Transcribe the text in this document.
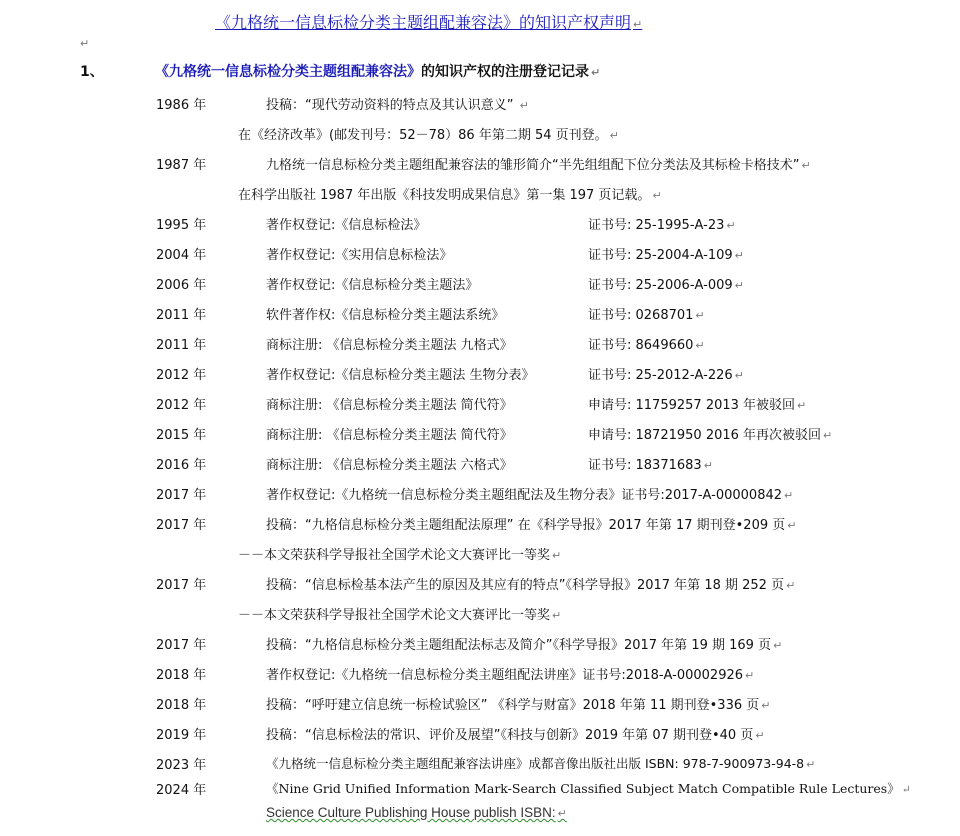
《九格统一信息标检分类主题组配兼容法》的知识产权声明 ↵
↵
1、	《九格统一信息标检分类主题组配兼容法》的知识产权的注册登记记录 ↵
1986 年	投稿：“现代劳动资料的特点及其认识意义” ↵
在《经济改革》(邮发刊号：52－78）86 年第二期 54 页刊登。 ↵
1987 年	九格统一信息标检分类主题组配兼容法的雏形简介“半先组组配下位分类法及其标检卡格技术” ↵
在科学出版社 1987 年出版《科技发明成果信息》第一集 197 页记载。 ↵
1995 年	著作权登记:《信息标检法》	证书号: 25-1995-A-23 ↵
2004 年	著作权登记:《实用信息标检法》	证书号: 25-2004-A-109 ↵
2006 年	著作权登记:《信息标检分类主题法》	证书号: 25-2006-A-009 ↵
2011 年	软件著作权:《信息标检分类主题法系统》	证书号: 0268701 ↵
2011 年	商标注册: 《信息标检分类主题法 九格式》	证书号: 8649660 ↵
2012 年	著作权登记:《信息标检分类主题法 生物分表》	证书号: 25-2012-A-226 ↵
2012 年	商标注册: 《信息标检分类主题法 简代符》	申请号: 11759257 2013 年被驳回 ↵
2015 年	商标注册: 《信息标检分类主题法 简代符》	申请号: 18721950 2016 年再次被驳回 ↵
2016 年	商标注册: 《信息标检分类主题法 六格式》	证书号: 18371683 ↵
2017 年	著作权登记:《九格统一信息标检分类主题组配法及生物分表》证书号:2017-A-00000842 ↵
2017 年	投稿：“九格信息标检分类主题组配法原理” 在《科学导报》2017 年第 17 期刊登•209 页 ↵
－－本文荣获科学导报社全国学术论文大赛评比一等奖 ↵
2017 年	投稿：“信息标检基本法产生的原因及其应有的特点”《科学导报》2017 年第 18 期 252 页 ↵
－－本文荣获科学导报社全国学术论文大赛评比一等奖 ↵
2017 年	投稿：“九格信息标检分类主题组配法标志及简介”《科学导报》2017 年第 19 期 169 页 ↵
2018 年	著作权登记:《九格统一信息标检分类主题组配法讲座》证书号:2018-A-00002926 ↵
2018 年	投稿：“呼吁建立信息统一标检试验区” 《科学与财富》2018 年第 11 期刊登•336 页 ↵
2019 年	投稿：“信息标检法的常识、评价及展望”《科技与创新》2019 年第 07 期刊登•40 页 ↵
2023 年	《九格统一信息标检分类主题组配兼容法讲座》成都音像出版社出版 ISBN: 978-7-900973-94-8 ↵
2024 年	《Nine Grid Unified Information Mark-Search Classified Subject Match Compatible Rule Lectures》 ↵
Science Culture Publishing House publish ISBN: ↵
